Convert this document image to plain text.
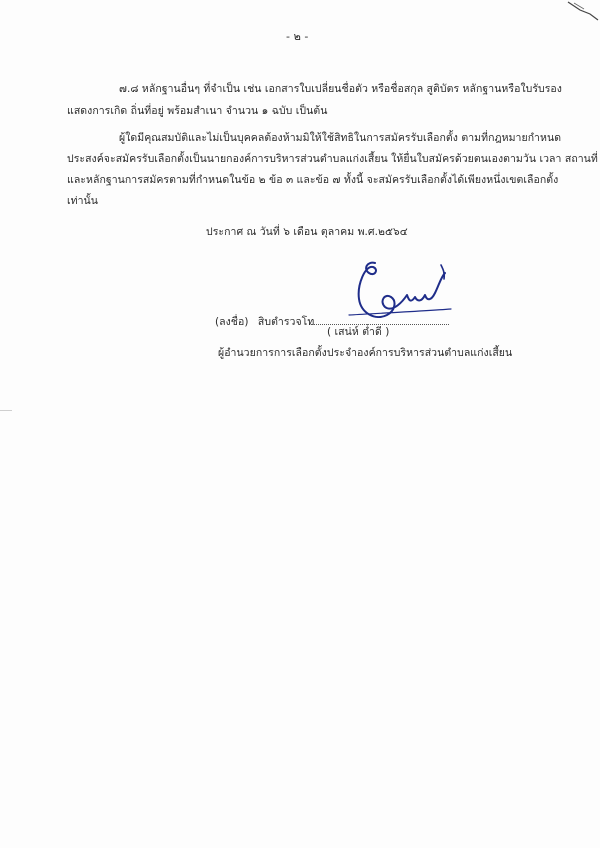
- ๒ -
๗.๘ หลักฐานอื่นๆ ที่จำเป็น เช่น เอกสารใบเปลี่ยนชื่อตัว หรือชื่อสกุล สูติบัตร หลักฐานหรือใบรับรอง
แสดงการเกิด ถิ่นที่อยู่ พร้อมสำเนา จำนวน ๑ ฉบับ เป็นต้น
ผู้ใดมีคุณสมบัติและไม่เป็นบุคคลต้องห้ามมิให้ใช้สิทธิในการสมัครรับเลือกตั้ง ตามที่กฎหมายกำหนด
ประสงค์จะสมัครรับเลือกตั้งเป็นนายกองค์การบริหารส่วนตำบลแก่งเสี้ยน ให้ยื่นใบสมัครด้วยตนเองตามวัน เวลา สถานที่
และหลักฐานการสมัครตามที่กำหนดในข้อ ๒ ข้อ ๓ และข้อ ๗ ทั้งนี้ จะสมัครรับเลือกตั้งได้เพียงหนึ่งเขตเลือกตั้ง
เท่านั้น
ประกาศ ณ วันที่ ๖ เดือน ตุลาคม พ.ศ.๒๕๖๔
(ลงชื่อ) สิบตำรวจโท
( เสน่ห์ ต่ำดี )
ผู้อำนวยการการเลือกตั้งประจำองค์การบริหารส่วนตำบลแก่งเสี้ยน
